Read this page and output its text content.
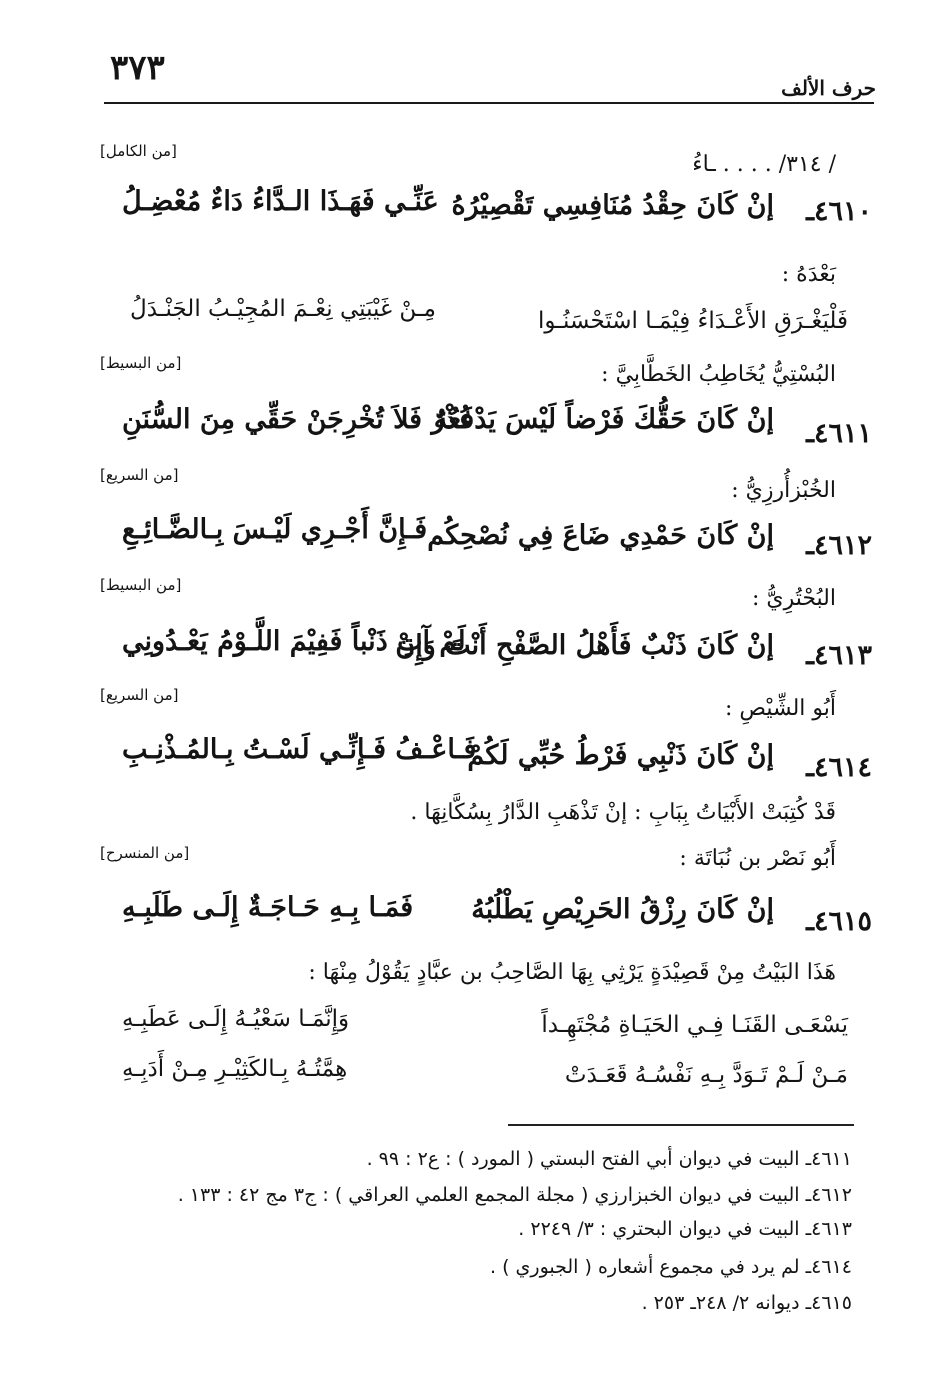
٣٧٣	حرف الألف
[من الكامل]
/ ٣١٤/ . . . . ـاءُ
٤٦١٠ـ
إنْ كَانَ حِقْدُ مُنَافِسِي تَقْصِيْرُهُ
عَنِّـي فَهَـذَا الـدَّاءُ دَاءٌ مُعْضِـلُ
بَعْدَهُ :
فَلْيَغْـرَقِ الأَعْـدَاءُ فِيْمَـا اسْتَحْسَنُـوا
مِـنْ غَيْبَتِي نِعْـمَ المُجِيْـبُ الجَنْـدَلُ
[من البسيط]	البُسْتِيُّ يُخَاطِبُ الخَطَّابِيَّ :
٤٦١١ـ
إنْ كَانَ حَقُّكَ فَرْضاً لَيْسَ يَدْفَعُهُ
عُذْرٌ فَلاَ تُخْرِجَنْ حَقِّي مِنَ السُّنَنِ
[من السريع]
الخُبْزأُرزِيُّ :
٤٦١٢ـ
إنْ كَانَ حَمْدِي ضَاعَ فِي نُصْحِكُم
فَـإِنَّ أَجْـرِي لَيْـسَ بِـالضَّـائِـعِ
[من البسيط]
البُحْتُرِيُّ :
٤٦١٣ـ
إنْ كَانَ ذَنْبٌ فَأَهْلُ الصَّفْحِ أَنْتَ وَإِنْ
لَمْ آتِ ذَنْباً فَفِيْمَ اللَّـوْمُ يَعْـدُونِي
[من السريع]
أَبُو الشِّيْصِ :
٤٦١٤ـ
إنْ كَانَ ذَنْبِي فَرْطُ حُبِّي لَكُمْ
فَـاعْـفُ فَـإِنِّـي لَسْـتُ بِـالمُـذْنِـبِ
قَدْ كُتِبَتْ الأَبْيَاتُ بِبَابِ : إنْ تَذْهَبِ الدَّارُ بِسُكَّانِهَا .
[من المنسرح]	أَبُو نَصْر بن نُبَاتَة :
٤٦١٥ـ
إنْ كَانَ رِزْقُ الحَرِيْصِ يَطْلُبُهُ
فَمَـا بِـهِ حَـاجَـةٌ إِلَـى طَلَبِـهِ
هَذَا البَيْتُ مِنْ قَصِيْدَةٍ يَرْثِي بِهَا الصَّاحِبُ بن عبَّادٍ يَقُوْلُ مِنْهَا :
يَسْعَـى القَنَـا فِـي الحَيَـاةِ مُجْتَهِـداً
وَإِنَّمَـا سَعْيُـهُ إِلَـى عَطَبِـهِ
مَـنْ لَـمْ تَـوَدَّ بِـهِ نَفْسُـهُ قَعَـدَتْ
هِمَّتُـهُ بِـالكَثِيْـرِ مِـنْ أَدَبِـهِ
٤٦١١ـ البيت في ديوان أبي الفتح البستي ( المورد ) : ع٢ : ٩٩ .
٤٦١٢ـ البيت في ديوان الخبزارزي ( مجلة المجمع العلمي العراقي ) : ج٣ مج ٤٢ : ١٣٣ .
٤٦١٣ـ البيت في ديوان البحتري : ٣/ ٢٢٤٩ .
٤٦١٤ـ لم يرد في مجموع أشعاره ( الجبوري ) .
٤٦١٥ـ ديوانه ٢/ ٢٤٨ـ ٢٥٣ .
